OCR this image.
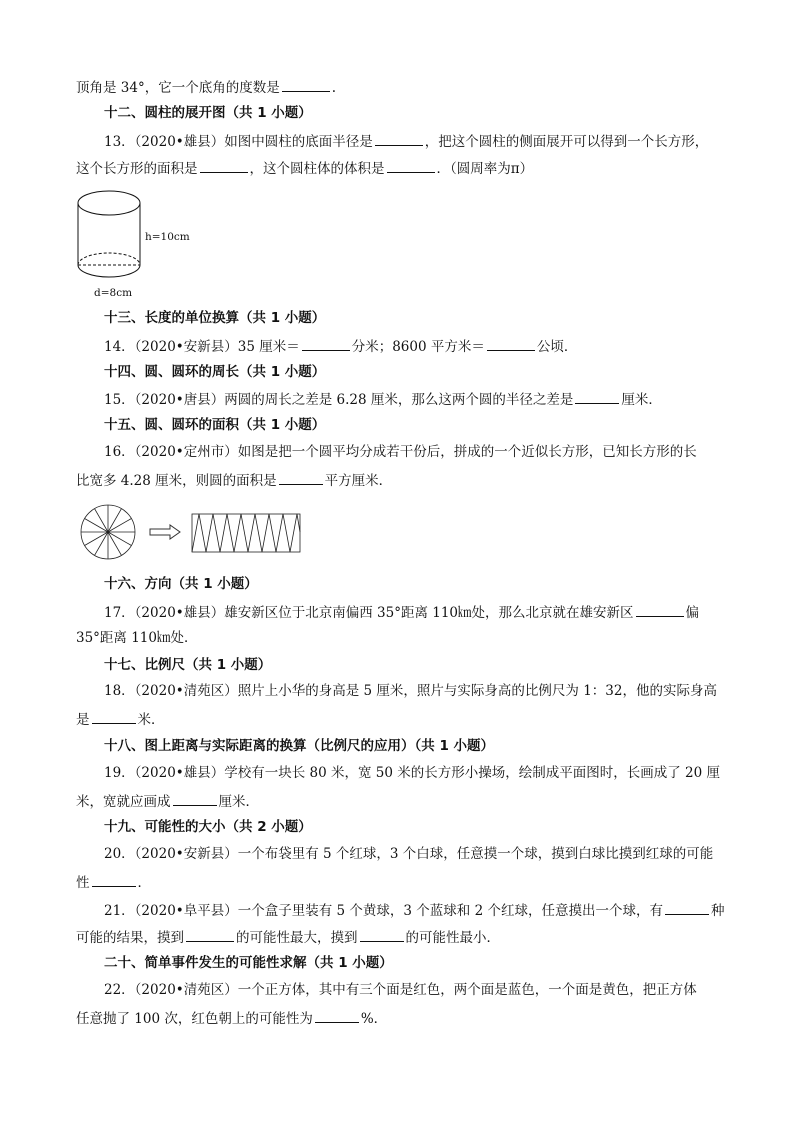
顶角是 34°，它一个底角的度数是	.
十二、圆柱的展开图（共 1 小题）
13．（2020•雄县）如图中圆柱的底面半径是	，把这个圆柱的侧面展开可以得到一个长方形，
这个长方形的面积是	，这个圆柱体的体积是	．（圆周率为π）
h=10cm
d=8cm
十三、长度的单位换算（共 1 小题）
14．（2020•安新县）35 厘米＝	分米；8600 平方米＝	公顷．
十四、圆、圆环的周长（共 1 小题）
15．（2020•唐县）两圆的周长之差是 6.28 厘米，那么这两个圆的半径之差是	厘米．
十五、圆、圆环的面积（共 1 小题）
16．（2020•定州市）如图是把一个圆平均分成若干份后，拼成的一个近似长方形，已知长方形的长
比宽多 4.28 厘米，则圆的面积是	平方厘米．
十六、方向（共 1 小题）
17．（2020•雄县）雄安新区位于北京南偏西 35°距离 110㎞处，那么北京就在雄安新区	偏
35°距离 110㎞处．
十七、比例尺（共 1 小题）
18．（2020•清苑区）照片上小华的身高是 5 厘米，照片与实际身高的比例尺为 1：32，他的实际身高
是	米．
十八、图上距离与实际距离的换算（比例尺的应用）（共 1 小题）
19．（2020•雄县）学校有一块长 80 米，宽 50 米的长方形小操场，绘制成平面图时，长画成了 20 厘
米，宽就应画成	厘米．
十九、可能性的大小（共 2 小题）
20．（2020•安新县）一个布袋里有 5 个红球，3 个白球，任意摸一个球，摸到白球比摸到红球的可能
性	．
21．（2020•阜平县）一个盒子里装有 5 个黄球，3 个蓝球和 2 个红球，任意摸出一个球，有	种
可能的结果，摸到	的可能性最大，摸到	的可能性最小．
二十、简单事件发生的可能性求解（共 1 小题）
22．（2020•清苑区）一个正方体，其中有三个面是红色，两个面是蓝色，一个面是黄色，把正方体
任意抛了 100 次，红色朝上的可能性为	%．
